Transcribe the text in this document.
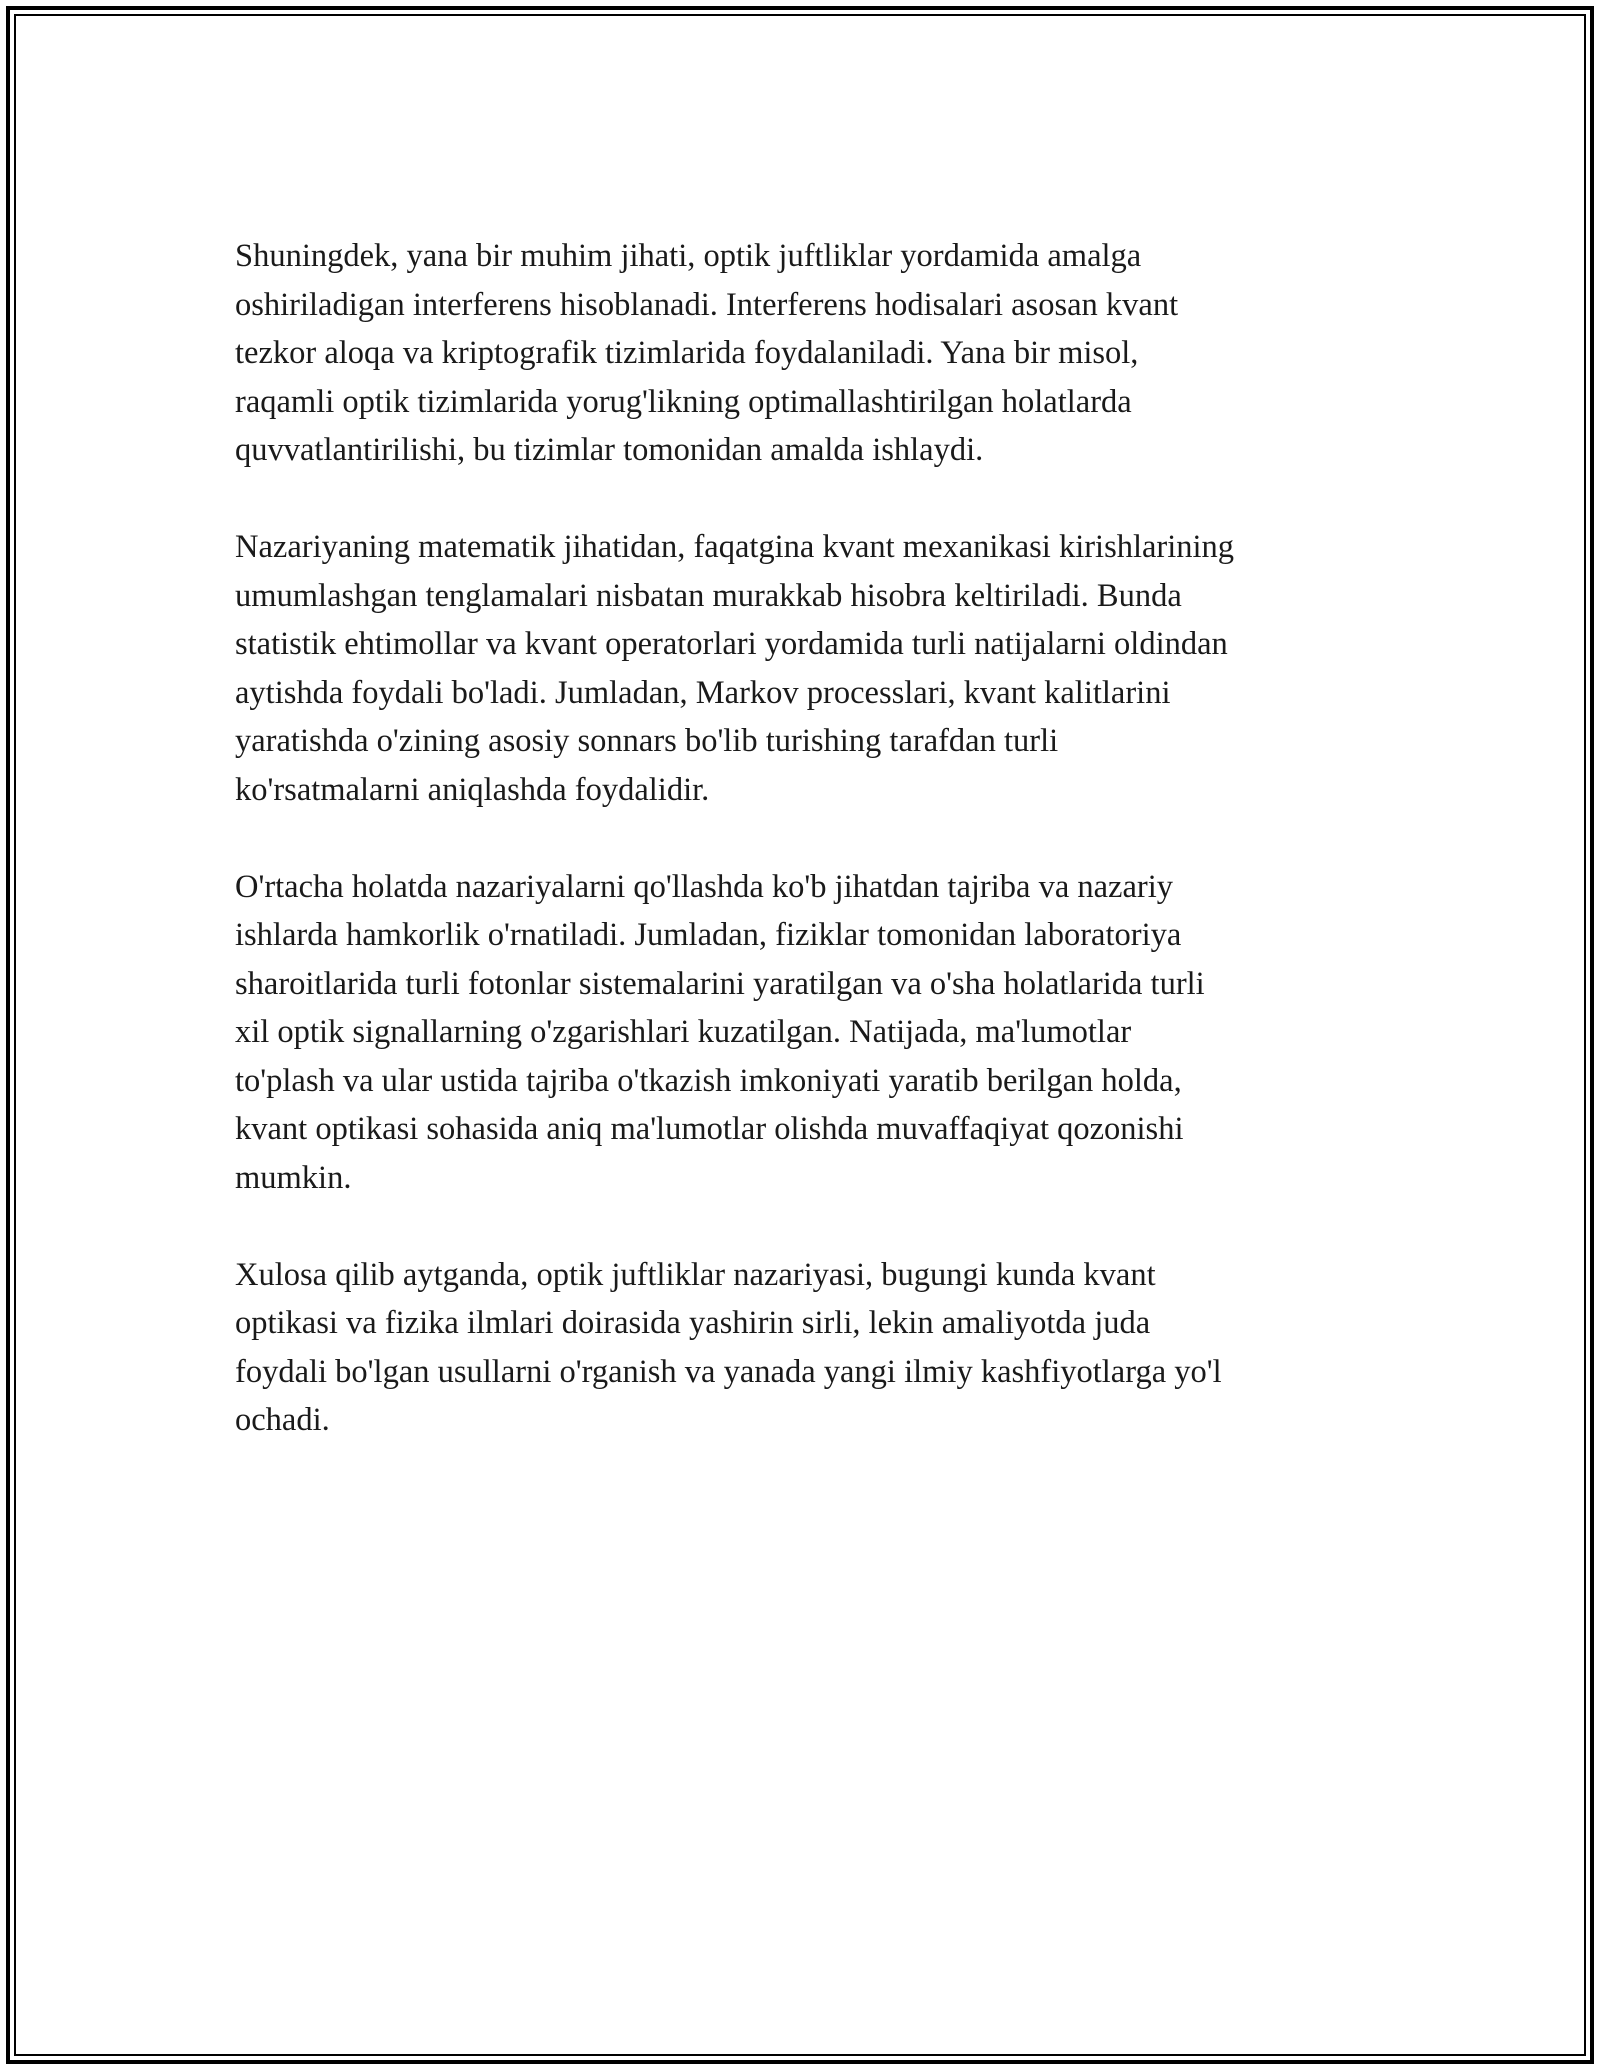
Shuningdek, yana bir muhim jihati, optik juftliklar yordamida amalga
oshiriladigan interferens hisoblanadi. Interferens hodisalari asosan kvant
tezkor aloqa va kriptografik tizimlarida foydalaniladi. Yana bir misol,
raqamli optik tizimlarida yorug'likning optimallashtirilgan holatlarda
quvvatlantirilishi, bu tizimlar tomonidan amalda ishlaydi.

Nazariyaning matematik jihatidan, faqatgina kvant mexanikasi kirishlarining
umumlashgan tenglamalari nisbatan murakkab hisobra keltiriladi. Bunda
statistik ehtimollar va kvant operatorlari yordamida turli natijalarni oldindan
aytishda foydali bo'ladi. Jumladan, Markov processlari, kvant kalitlarini
yaratishda o'zining asosiy sonnars bo'lib turishing tarafdan turli
ko'rsatmalarni aniqlashda foydalidir.

O'rtacha holatda nazariyalarni qo'llashda ko'b jihatdan tajriba va nazariy
ishlarda hamkorlik o'rnatiladi. Jumladan, fiziklar tomonidan laboratoriya
sharoitlarida turli fotonlar sistemalarini yaratilgan va o'sha holatlarida turli
xil optik signallarning o'zgarishlari kuzatilgan. Natijada, ma'lumotlar
to'plash va ular ustida tajriba o'tkazish imkoniyati yaratib berilgan holda,
kvant optikasi sohasida aniq ma'lumotlar olishda muvaffaqiyat qozonishi
mumkin.

Xulosa qilib aytganda, optik juftliklar nazariyasi, bugungi kunda kvant
optikasi va fizika ilmlari doirasida yashirin sirli, lekin amaliyotda juda
foydali bo'lgan usullarni o'rganish va yanada yangi ilmiy kashfiyotlarga yo'l
ochadi.
